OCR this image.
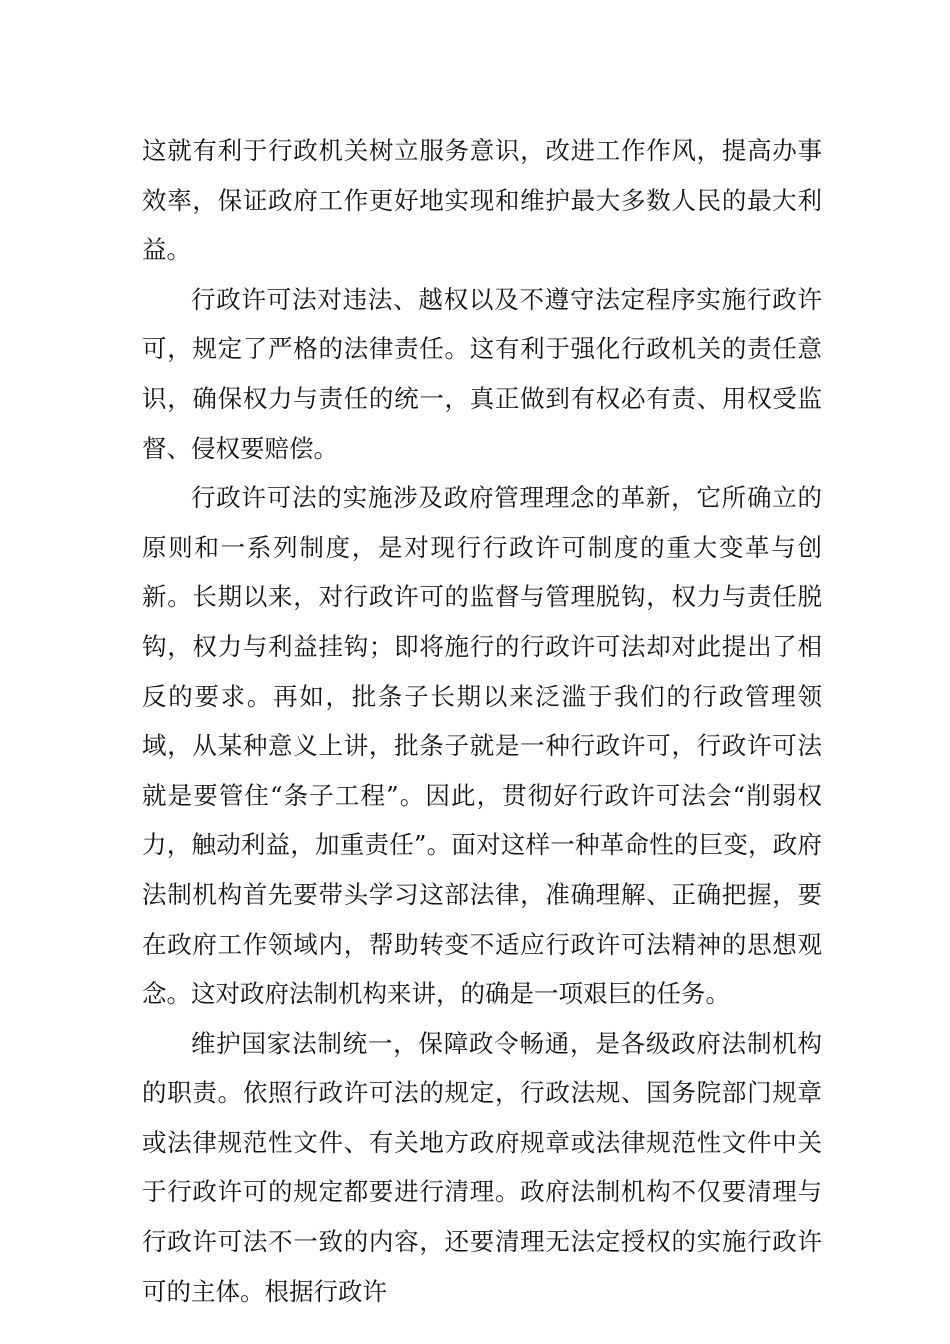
这就有利于行政机关树立服务意识，改进工作作风，提高办事效率，保证政府工作更好地实现和维护最大多数人民的最大利益。

行政许可法对违法、越权以及不遵守法定程序实施行政许可，规定了严格的法律责任。这有利于强化行政机关的责任意识，确保权力与责任的统一，真正做到有权必有责、用权受监督、侵权要赔偿。

行政许可法的实施涉及政府管理理念的革新，它所确立的原则和一系列制度，是对现行行政许可制度的重大变革与创新。长期以来，对行政许可的监督与管理脱钩，权力与责任脱钩，权力与利益挂钩；即将施行的行政许可法却对此提出了相反的要求。再如，批条子长期以来泛滥于我们的行政管理领域，从某种意义上讲，批条子就是一种行政许可，行政许可法就是要管住“条子工程”。因此，贯彻好行政许可法会“削弱权力，触动利益，加重责任”。面对这样一种革命性的巨变，政府法制机构首先要带头学习这部法律，准确理解、正确把握，要在政府工作领域内，帮助转变不适应行政许可法精神的思想观念。这对政府法制机构来讲，的确是一项艰巨的任务。

维护国家法制统一，保障政令畅通，是各级政府法制机构的职责。依照行政许可法的规定，行政法规、国务院部门规章或法律规范性文件、有关地方政府规章或法律规范性文件中关于行政许可的规定都要进行清理。政府法制机构不仅要清理与行政许可法不一致的内容，还要清理无法定授权的实施行政许可的主体。根据行政许
